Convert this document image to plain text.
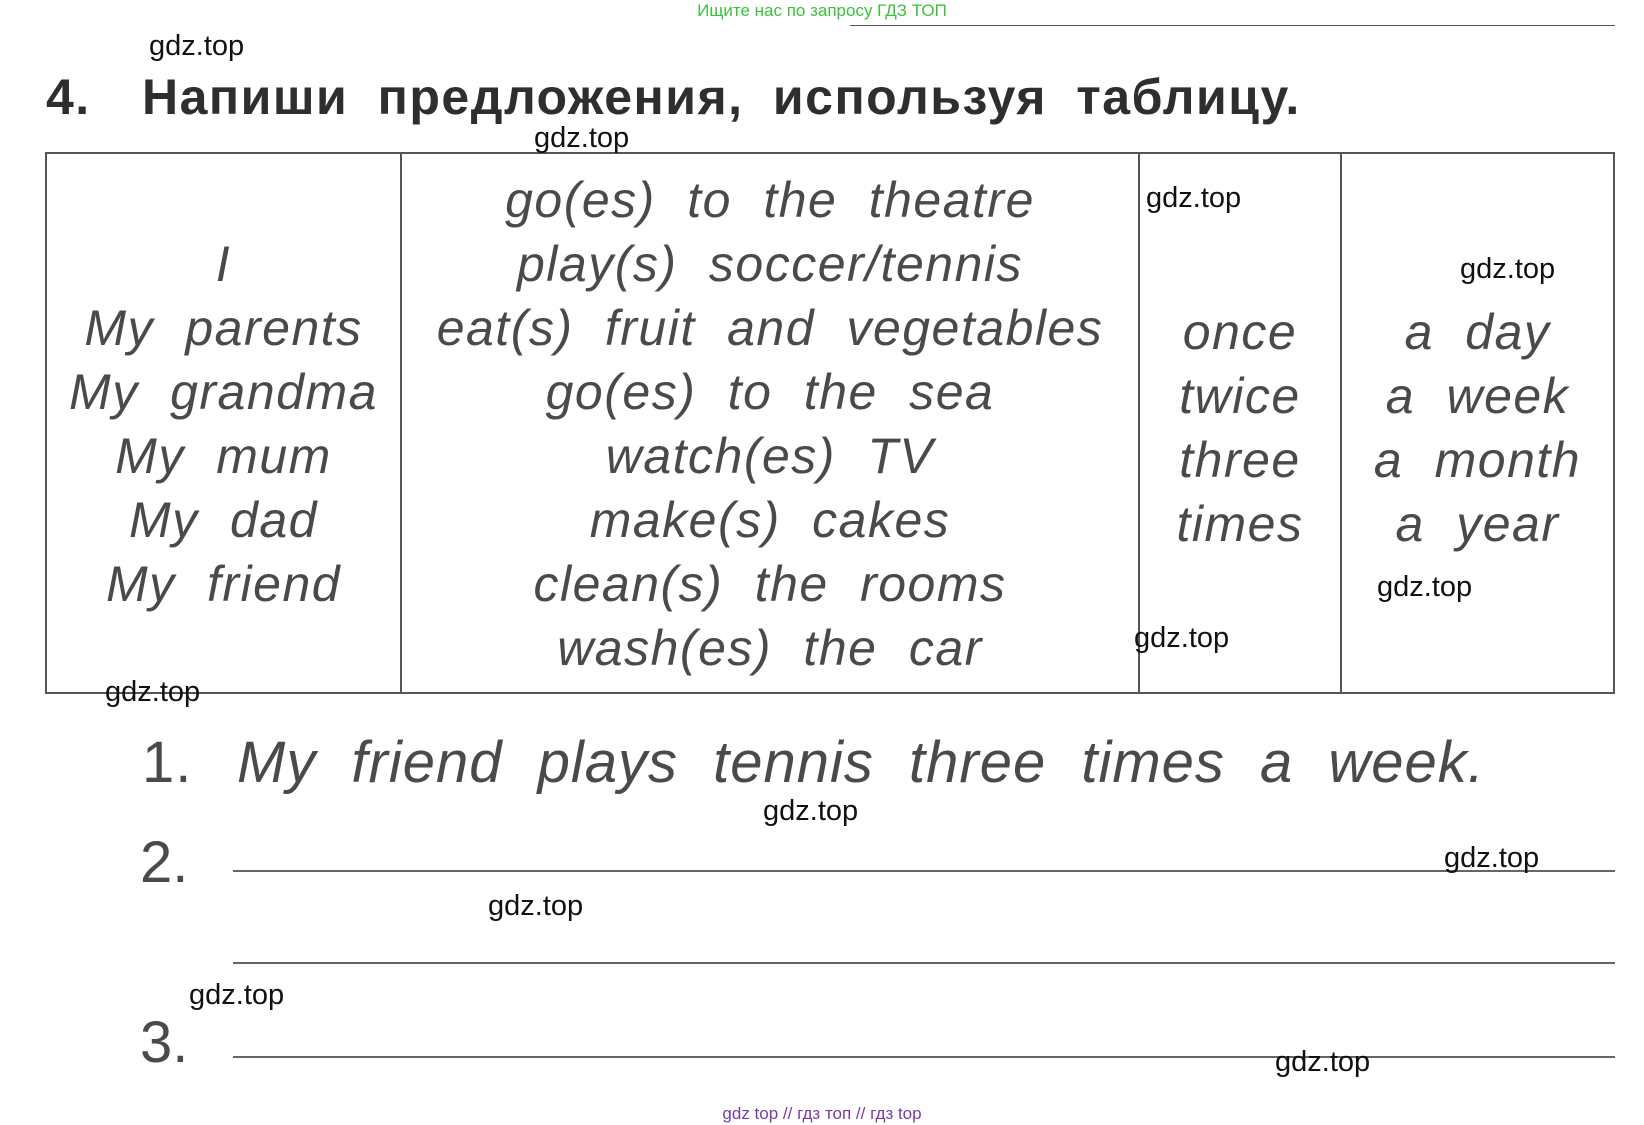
Ищите нас по запросу ГДЗ ТОП
4. Напиши предложения, используя таблицу.
I
My parents
My grandma
My mum
My dad
My friend
go(es) to the theatre
play(s) soccer/tennis
eat(s) fruit and vegetables
go(es) to the sea
watch(es) TV
make(s) cakes
clean(s) the rooms
wash(es) the car
once
twice
three
times
a day
a week
a month
a year
1. My friend plays tennis three times a week.
2.
3.
gdz.top
gdz.top
gdz.top
gdz.top
gdz.top
gdz.top
gdz.top
gdz.top
gdz.top
gdz.top
gdz.top
gdz.top
gdz top // гдз топ // гдз top
